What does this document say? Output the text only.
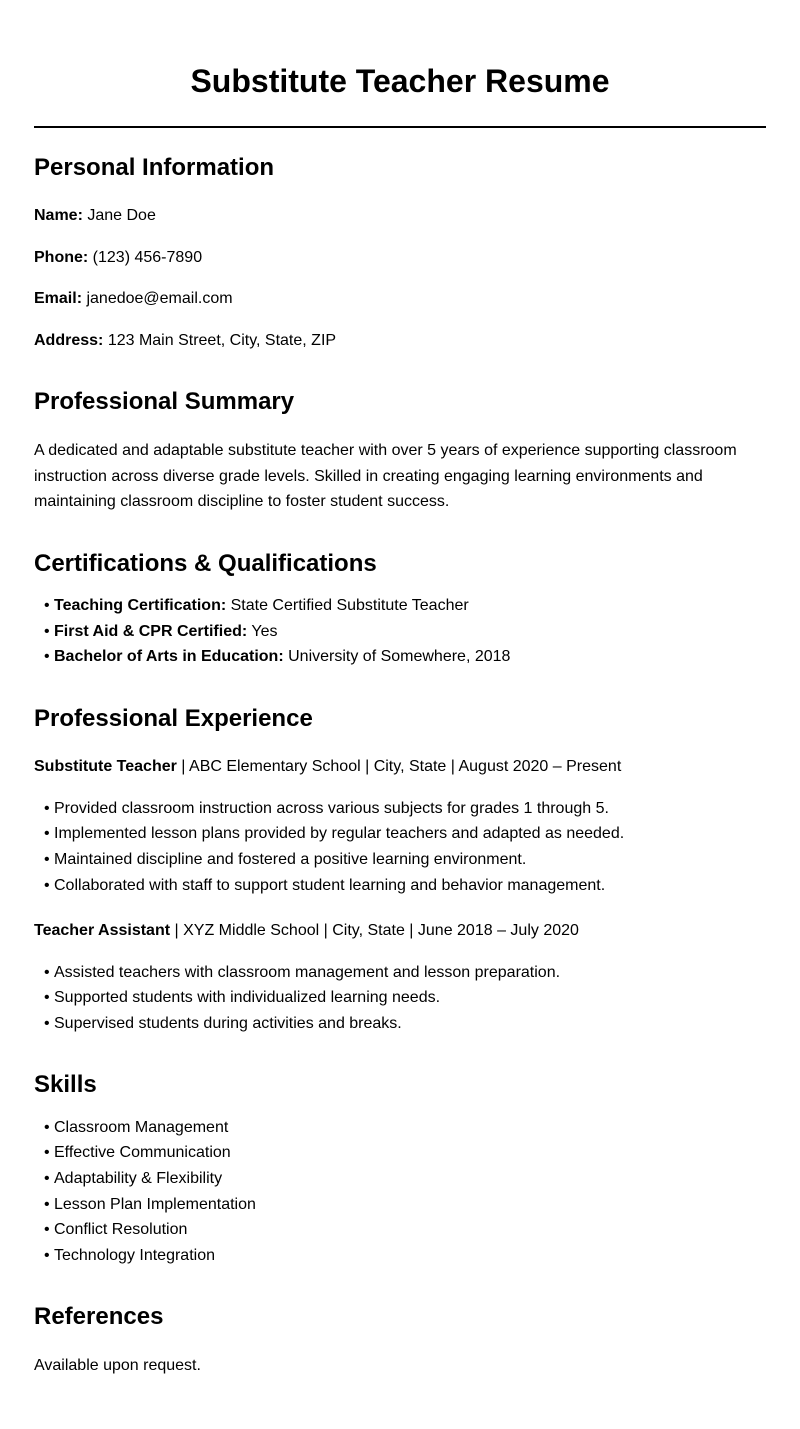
Substitute Teacher Resume
Personal Information
Name: Jane Doe
Phone: (123) 456-7890
Email: janedoe@email.com
Address: 123 Main Street, City, State, ZIP
Professional Summary

A dedicated and adaptable substitute teacher with over 5 years of experience supporting classroom instruction across diverse grade levels. Skilled in creating engaging learning environments and maintaining classroom discipline to foster student success.

Certifications & Qualifications
• Teaching Certification: State Certified Substitute Teacher
• First Aid & CPR Certified: Yes
• Bachelor of Arts in Education: University of Somewhere, 2018
Professional Experience
Substitute Teacher | ABC Elementary School | City, State | August 2020 – Present
• Provided classroom instruction across various subjects for grades 1 through 5.
• Implemented lesson plans provided by regular teachers and adapted as needed.
• Maintained discipline and fostered a positive learning environment.
• Collaborated with staff to support student learning and behavior management.
Teacher Assistant | XYZ Middle School | City, State | June 2018 – July 2020
• Assisted teachers with classroom management and lesson preparation.
• Supported students with individualized learning needs.
• Supervised students during activities and breaks.
Skills
• Classroom Management
• Effective Communication
• Adaptability & Flexibility
• Lesson Plan Implementation
• Conflict Resolution
• Technology Integration
References
Available upon request.
